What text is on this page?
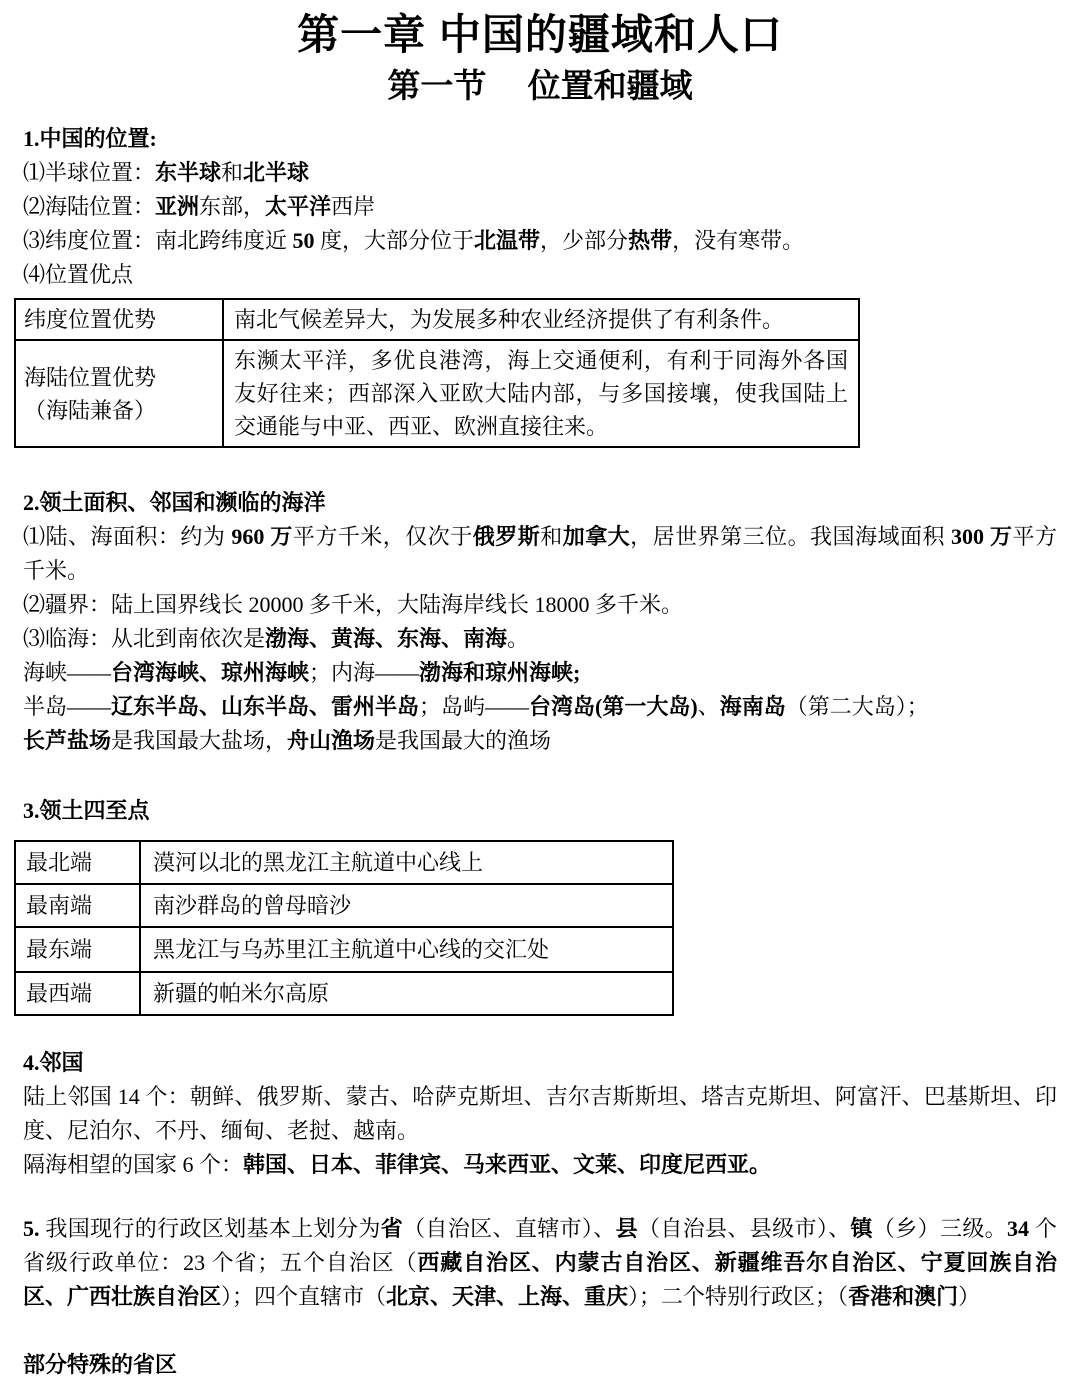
第一章 中国的疆域和人口
第一节　 位置和疆域
1.中国的位置:
⑴半球位置：东半球和北半球
⑵海陆位置：亚洲东部，太平洋西岸
⑶纬度位置：南北跨纬度近 50 度，大部分位于北温带，少部分热带，没有寒带。
⑷位置优点
纬度位置优势	南北气候差异大，为发展多种农业经济提供了有利条件。

海陆位置优势
（海陆兼备）	东濒太平洋，多优良港湾，海上交通便利，有利于同海外各国友好往来；西部深入亚欧大陆内部，与多国接壤，使我国陆上交通能与中亚、西亚、欧洲直接往来。
2.领土面积、邻国和濒临的海洋
⑴陆、海面积：约为 960 万平方千米，仅次于俄罗斯和加拿大，居世界第三位。我国海域面积 300 万平方千米。
⑵疆界：陆上国界线长 20000 多千米，大陆海岸线长 18000 多千米。
⑶临海：从北到南依次是渤海、黄海、东海、南海。
海峡——台湾海峡、琼州海峡；内海——渤海和琼州海峡;
半岛——辽东半岛、山东半岛、雷州半岛；岛屿——台湾岛(第一大岛)、海南岛（第二大岛）；
长芦盐场是我国最大盐场，舟山渔场是我国最大的渔场
3.领土四至点
最北端	漠河以北的黑龙江主航道中心线上
最南端	南沙群岛的曾母暗沙
最东端	黑龙江与乌苏里江主航道中心线的交汇处
最西端	新疆的帕米尔高原
4.邻国
陆上邻国 14 个：朝鲜、俄罗斯、蒙古、哈萨克斯坦、吉尔吉斯斯坦、塔吉克斯坦、阿富汗、巴基斯坦、印度、尼泊尔、不丹、缅甸、老挝、越南。
隔海相望的国家 6 个：韩国、日本、菲律宾、马来西亚、文莱、印度尼西亚。
5. 我国现行的行政区划基本上划分为省（自治区、直辖市）、县（自治县、县级市）、镇（乡）三级。34 个省级行政单位：23 个省；五个自治区（西藏自治区、内蒙古自治区、新疆维吾尔自治区、宁夏回族自治区、广西壮族自治区）；四个直辖市（北京、天津、上海、重庆）；二个特别行政区；（香港和澳门）
部分特殊的省区
